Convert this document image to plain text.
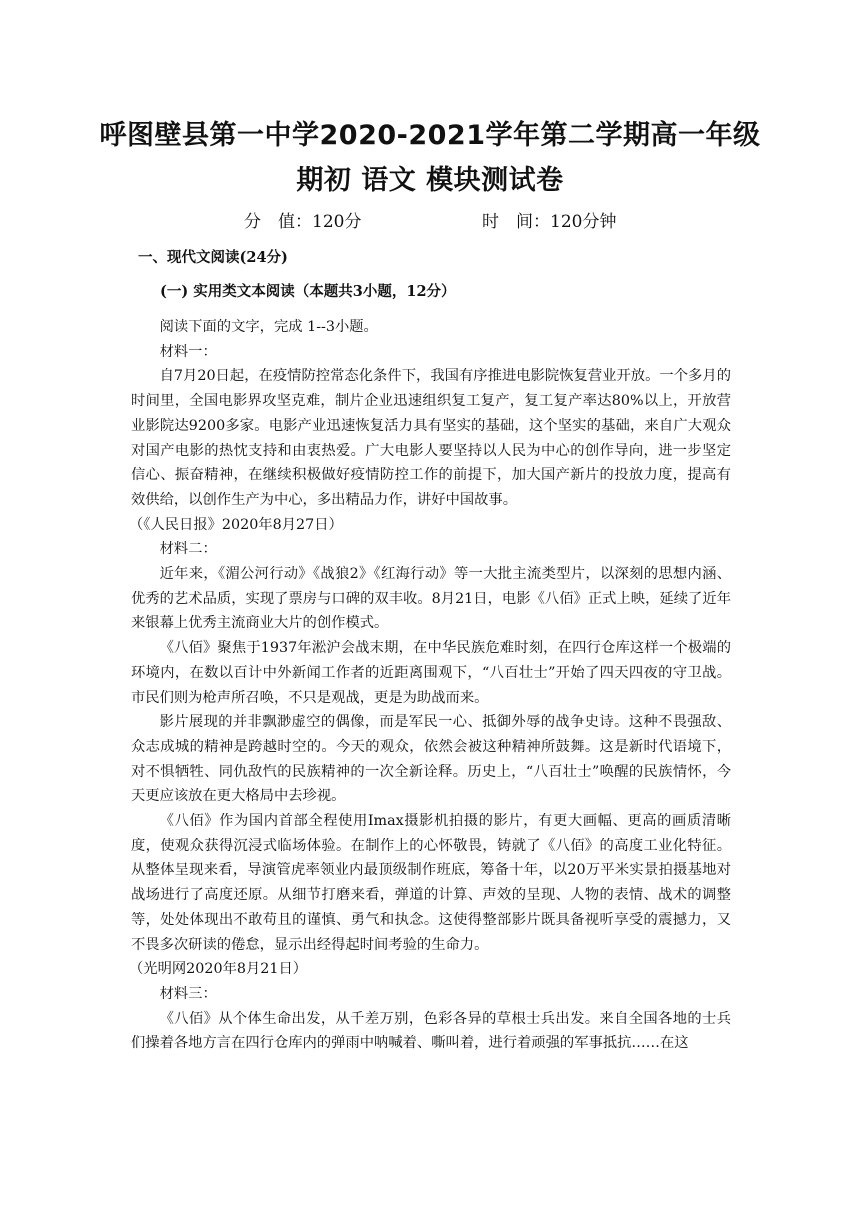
呼图壁县第一中学2020-2021学年第二学期高一年级
期初 语文 模块测试卷
分　值：120分	时　间：120分钟
一、现代文阅读(24分)
(一) 实用类文本阅读（本题共3小题，12分）

阅读下面的文字，完成 1--3小题。

材料一：

自7月20日起，在疫情防控常态化条件下，我国有序推进电影院恢复营业开放。一个多月的时间里，全国电影界攻坚克难，制片企业迅速组织复工复产，复工复产率达80%以上，开放营业影院达9200多家。电影产业迅速恢复活力具有坚实的基础，这个坚实的基础，来自广大观众对国产电影的热忱支持和由衷热爱。广大电影人要坚持以人民为中心的创作导向，进一步坚定信心、振奋精神，在继续积极做好疫情防控工作的前提下，加大国产新片的投放力度，提高有效供给，以创作生产为中心，多出精品力作，讲好中国故事。

（《人民日报》2020年8月27日）

材料二：

近年来，《湄公河行动》《战狼2》《红海行动》等一大批主流类型片，以深刻的思想内涵、优秀的艺术品质，实现了票房与口碑的双丰收。8月21日，电影《八佰》正式上映，延续了近年来银幕上优秀主流商业大片的创作模式。

《八佰》聚焦于1937年淞沪会战末期，在中华民族危难时刻，在四行仓库这样一个极端的环境内，在数以百计中外新闻工作者的近距离围观下，“八百壮士”开始了四天四夜的守卫战。市民们则为枪声所召唤，不只是观战，更是为助战而来。

影片展现的并非飘渺虚空的偶像，而是军民一心、抵御外辱的战争史诗。这种不畏强敌、众志成城的精神是跨越时空的。今天的观众，依然会被这种精神所鼓舞。这是新时代语境下，对不惧牺牲、同仇敌忾的民族精神的一次全新诠释。历史上，“八百壮士”唤醒的民族情怀，今天更应该放在更大格局中去珍视。

《八佰》作为国内首部全程使用Imax摄影机拍摄的影片，有更大画幅、更高的画质清晰度，使观众获得沉浸式临场体验。在制作上的心怀敬畏，铸就了《八佰》的高度工业化特征。从整体呈现来看，导演管虎率领业内最顶级制作班底，筹备十年，以20万平米实景拍摄基地对战场进行了高度还原。从细节打磨来看，弹道的计算、声效的呈现、人物的表情、战术的调整等，处处体现出不敢苟且的谨慎、勇气和执念。这使得整部影片既具备视听享受的震撼力，又不畏多次研读的倦怠，显示出经得起时间考验的生命力。

（光明网2020年8月21日）

材料三：

《八佰》从个体生命出发，从千差万别，色彩各异的草根士兵出发。来自全国各地的士兵们操着各地方言在四行仓库内的弹雨中呐喊着、嘶叫着，进行着顽强的军事抵抗……在这
